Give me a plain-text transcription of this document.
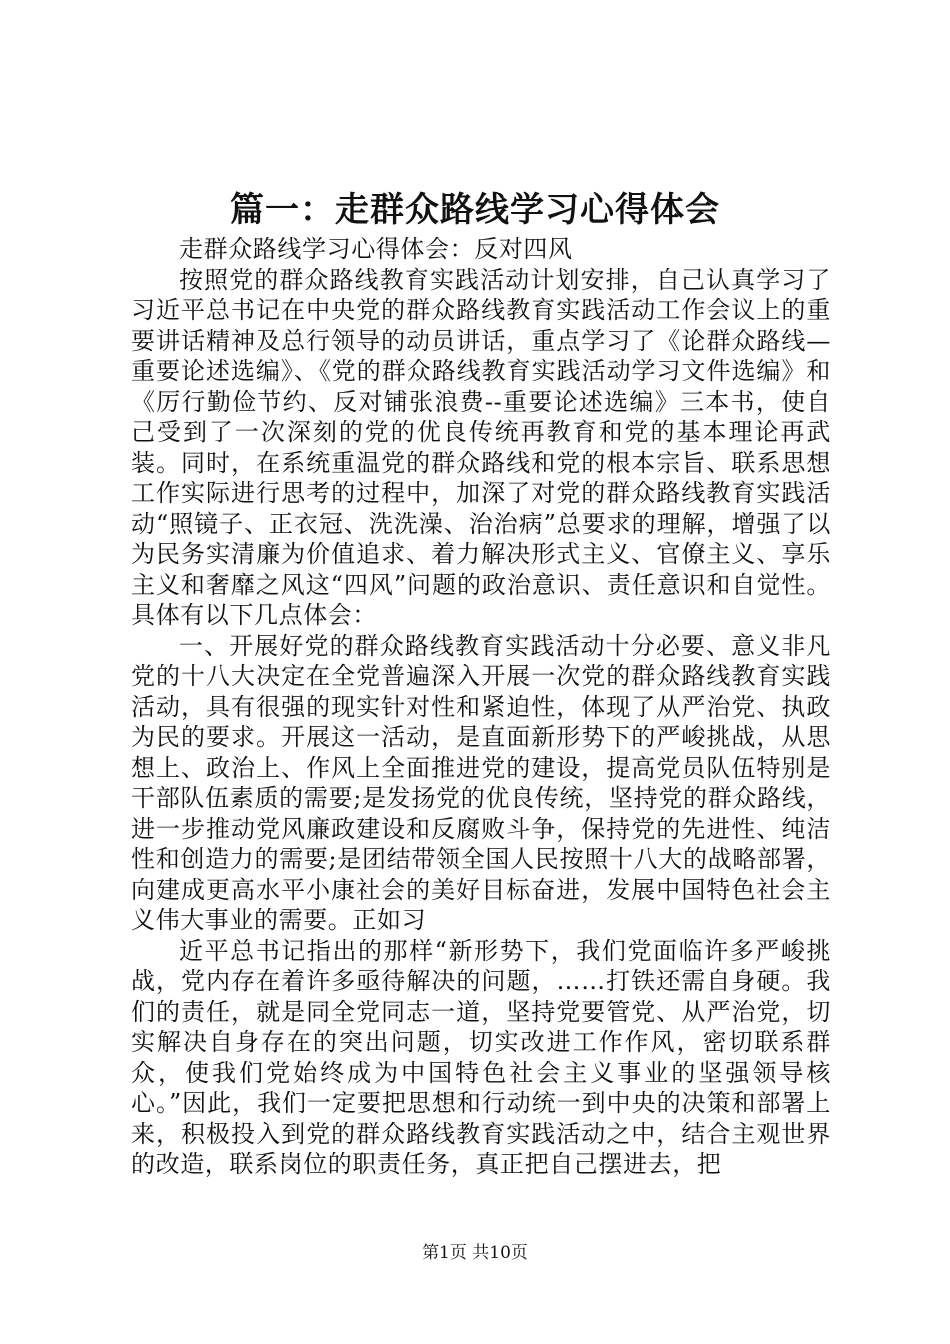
篇一：走群众路线学习心得体会

走群众路线学习心得体会：反对四风

按照党的群众路线教育实践活动计划安排，自己认真学习了习近平总书记在中央党的群众路线教育实践活动工作会议上的重要讲话精神及总行领导的动员讲话，重点学习了《论群众路线—重要论述选编》、《党的群众路线教育实践活动学习文件选编》和《厉行勤俭节约、反对铺张浪费--重要论述选编》三本书，使自己受到了一次深刻的党的优良传统再教育和党的基本理论再武装。同时，在系统重温党的群众路线和党的根本宗旨、联系思想工作实际进行思考的过程中，加深了对党的群众路线教育实践活动“照镜子、正衣冠、洗洗澡、治治病”总要求的理解，增强了以为民务实清廉为价值追求、着力解决形式主义、官僚主义、享乐主义和奢靡之风这“四风”问题的政治意识、责任意识和自觉性。具体有以下几点体会：

一、开展好党的群众路线教育实践活动十分必要、意义非凡党的十八大决定在全党普遍深入开展一次党的群众路线教育实践活动，具有很强的现实针对性和紧迫性，体现了从严治党、执政为民的要求。开展这一活动，是直面新形势下的严峻挑战，从思想上、政治上、作风上全面推进党的建设，提高党员队伍特别是干部队伍素质的需要;是发扬党的优良传统，坚持党的群众路线，进一步推动党风廉政建设和反腐败斗争，保持党的先进性、纯洁性和创造力的需要;是团结带领全国人民按照十八大的战略部署，向建成更高水平小康社会的美好目标奋进，发展中国特色社会主义伟大事业的需要。正如习

近平总书记指出的那样“新形势下，我们党面临许多严峻挑战，党内存在着许多亟待解决的问题，……打铁还需自身硬。我们的责任，就是同全党同志一道，坚持党要管党、从严治党，切实解决自身存在的突出问题，切实改进工作作风，密切联系群众，使我们党始终成为中国特色社会主义事业的坚强领导核心。”因此，我们一定要把思想和行动统一到中央的决策和部署上来，积极投入到党的群众路线教育实践活动之中，结合主观世界的改造，联系岗位的职责任务，真正把自己摆进去，把

第1页 共10页
